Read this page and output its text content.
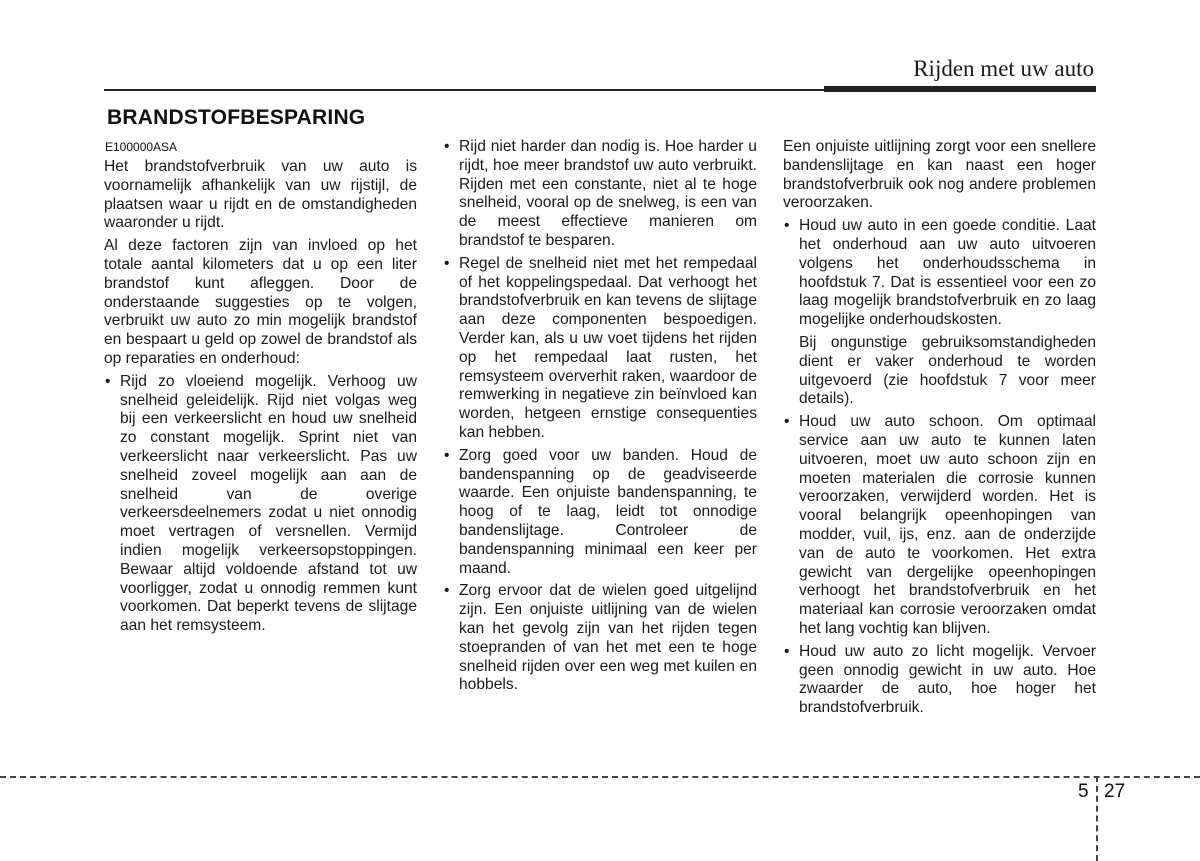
Rijden met uw auto
BRANDSTOFBESPARING
E100000ASA

Het brandstofverbruik van uw auto is voornamelijk afhankelijk van uw rijstijl, de plaatsen waar u rijdt en de omstandigheden waaronder u rijdt.

Al deze factoren zijn van invloed op het totale aantal kilometers dat u op een liter brandstof kunt afleggen. Door de onderstaande suggesties op te volgen, verbruikt uw auto zo min mogelijk brandstof en bespaart u geld op zowel de brandstof als op reparaties en onderhoud:

• Rijd zo vloeiend mogelijk. Verhoog uw snelheid geleidelijk. Rijd niet volgas weg bij een verkeerslicht en houd uw snelheid zo constant mogelijk. Sprint niet van verkeerslicht naar verkeerslicht. Pas uw snelheid zoveel mogelijk aan aan de snelheid van de overige verkeersdeelnemers zodat u niet onnodig moet vertragen of versnellen. Vermijd indien mogelijk verkeersopstoppingen. Bewaar altijd voldoende afstand tot uw voorligger, zodat u onnodig remmen kunt voorkomen. Dat beperkt tevens de slijtage aan het remsysteem.

• Rijd niet harder dan nodig is. Hoe harder u rijdt, hoe meer brandstof uw auto verbruikt. Rijden met een constante, niet al te hoge snelheid, vooral op de snelweg, is een van de meest effectieve manieren om brandstof te besparen.

• Regel de snelheid niet met het rempedaal of het koppelingspedaal. Dat verhoogt het brandstofverbruik en kan tevens de slijtage aan deze componenten bespoedigen. Verder kan, als u uw voet tijdens het rijden op het rempedaal laat rusten, het remsysteem oververhit raken, waardoor de remwerking in negatieve zin beïnvloed kan worden, hetgeen ernstige consequenties kan hebben.

• Zorg goed voor uw banden. Houd de bandenspanning op de geadviseerde waarde. Een onjuiste bandenspanning, te hoog of te laag, leidt tot onnodige bandenslijtage. Controleer de bandenspanning minimaal een keer per maand.

• Zorg ervoor dat de wielen goed uitgelijnd zijn. Een onjuiste uitlijning van de wielen kan het gevolg zijn van het rijden tegen stoepranden of van het met een te hoge snelheid rijden over een weg met kuilen en hobbels.

Een onjuiste uitlijning zorgt voor een snellere bandenslijtage en kan naast een hoger brandstofverbruik ook nog andere problemen veroorzaken.

• Houd uw auto in een goede conditie. Laat het onderhoud aan uw auto uitvoeren volgens het onderhoudsschema in hoofdstuk 7. Dat is essentieel voor een zo laag mogelijk brandstofverbruik en zo laag mogelijke onderhoudskosten.

Bij ongunstige gebruiksomstandigheden dient er vaker onderhoud te worden uitgevoerd (zie hoofdstuk 7 voor meer details).

• Houd uw auto schoon. Om optimaal service aan uw auto te kunnen laten uitvoeren, moet uw auto schoon zijn en moeten materialen die corrosie kunnen veroorzaken, verwijderd worden. Het is vooral belangrijk opeenhopingen van modder, vuil, ijs, enz. aan de onderzijde van de auto te voorkomen. Het extra gewicht van dergelijke opeenhopingen verhoogt het brandstofverbruik en het materiaal kan corrosie veroorzaken omdat het lang vochtig kan blijven.

• Houd uw auto zo licht mogelijk. Vervoer geen onnodig gewicht in uw auto. Hoe zwaarder de auto, hoe hoger het brandstofverbruik.

5 27
